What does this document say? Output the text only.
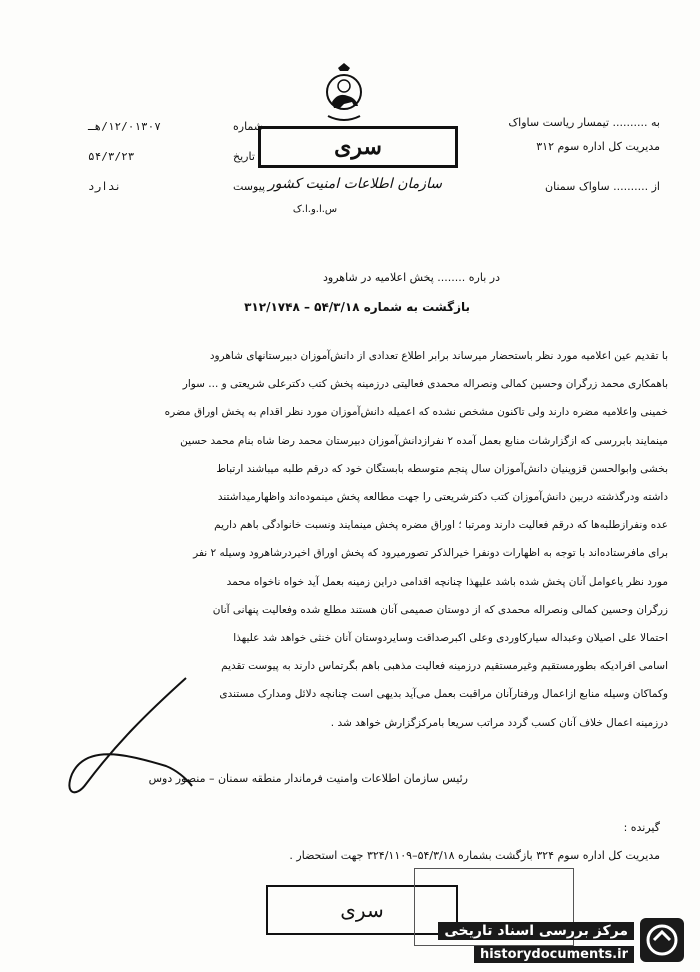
به .......... تیمسار ریاست ساواک
مدیریت کل اداره سوم ۳۱۲
از .......... ساواک سمنان
شماره
۱۲/۰۱۳۰۷/هـ
تاریخ
۵۴/۳/۲۳
پیوست
ندارد
سری
سازمان اطلاعات امنیت کشور
س.ا.و.ا.ک
در باره ........ پخش اعلامیه در شاهرود
بازگشت به شماره ۵۴/۳/۱۸ – ۳۱۲/۱۷۴۸

با تقدیم عین اعلامیه مورد نظر باستحضار میرساند برابر اطلاع تعدادی از دانش‌آموزان دبیرستانهای شاهرود

باهمکاری محمد زرگران وحسین کمالی ونصراله محمدی فعالیتی درزمینه پخش کتب دکترعلی شریعتی و ... سوار

خمینی واعلامیه مضره دارند ولی تاکنون مشخص نشده که اعمیله دانش‌آموزان مورد نظر اقدام به پخش اوراق مضره

مینمایند بابررسی که ازگزارشات منابع بعمل آمده ۲ نفرازدانش‌آموزان دبیرستان محمد رضا شاه بنام محمد حسین

بخشی وابوالحسن قزوینیان دانش‌آموزان سال پنجم متوسطه بابستگان خود که درقم طلبه میباشند ارتباط

داشته ودرگذشته دربین دانش‌آموزان کتب دکترشریعتی را جهت مطالعه پخش مینموده‌اند واظهارمیداشتند

عده ونفرازطلبه‌ها که درقم فعالیت دارند ومرتبا ؛ اوراق مضره پخش مینمایند ونسبت خانوادگی باهم داریم

برای مافرستاده‌اند با توجه به اظهارات دونفرا خیرالذکر تصورمیرود که پخش اوراق اخیردرشاهرود وسیله ۲ نفر

مورد نظر یاعوامل آنان پخش شده باشد علیهذا چنانچه اقدامی دراین زمینه بعمل آید خواه ناخواه محمد

زرگران وحسین کمالی ونصراله محمدی که از دوستان صمیمی آنان هستند مطلع شده وفعالیت پنهانی آنان

احتمالا علی اصیلان وعبداله سیارکاوردی وعلی اکبرصداقت وسایردوستان آنان خنثی خواهد شد علیهذا

اسامی افرادیکه بطورمستقیم وغیرمستقیم درزمینه فعالیت مذهبی باهم بگرتماس دارند به پیوست تقدیم

وکماکان وسیله منابع ازاعمال ورفتارآنان مراقبت بعمل می‌آید بدیهی است چنانچه دلائل ومدارک مستندی

درزمینه اعمال خلاف آنان کسب گردد مراتب سریعا بامرکزگزارش خواهد شد .

رئیس سازمان اطلاعات وامنیت فرماندار منطقه سمنان – منصور دوس
گیرنده :
مدیریت کل اداره سوم ۳۲۴ بازگشت بشماره ۵۴/۳/۱۸–۳۲۴/۱۱۰۹ جهت استحضار .
سری
مرکز بررسی اسناد تاریخی
historydocuments.ir
